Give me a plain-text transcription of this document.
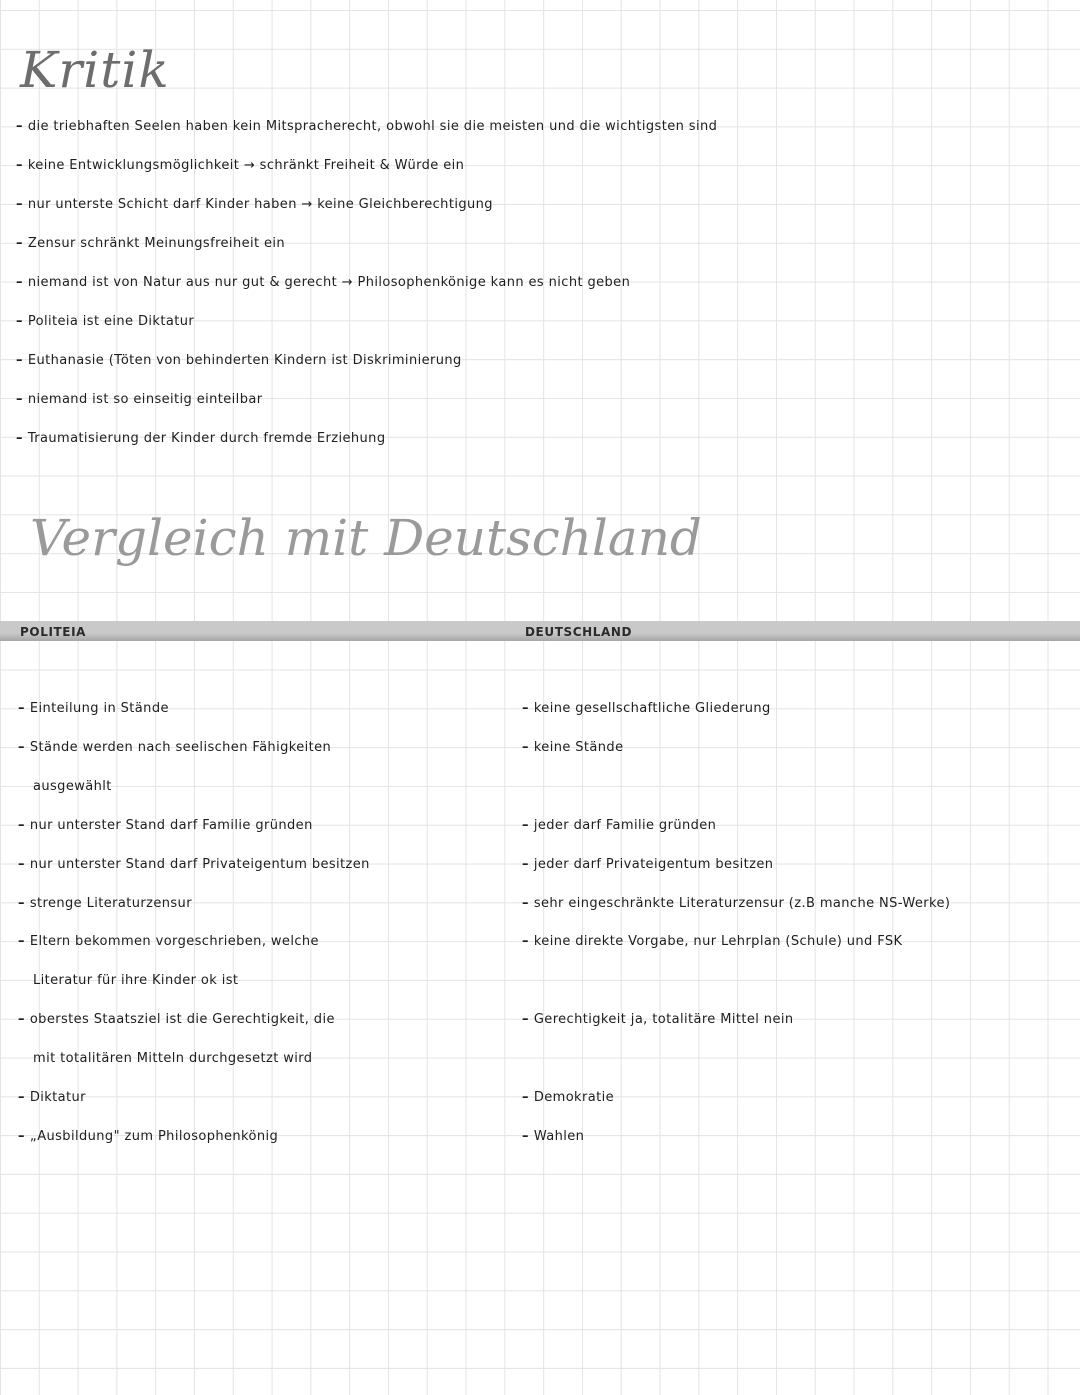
Kritik
– die triebhaften Seelen haben kein Mitspracherecht, obwohl sie die meisten und die wichtigsten sind
– keine Entwicklungsmöglichkeit → schränkt Freiheit & Würde ein
– nur unterste Schicht darf Kinder haben → keine Gleichberechtigung
– Zensur schränkt Meinungsfreiheit ein
– niemand ist von Natur aus nur gut & gerecht → Philosophenkönige kann es nicht geben
– Politeia ist eine Diktatur
– Euthanasie (Töten von behinderten Kindern ist Diskriminierung
– niemand ist so einseitig einteilbar
– Traumatisierung der Kinder durch fremde Erziehung
Vergleich mit Deutschland
POLITEIA	DEUTSCHLAND
– Einteilung in Stände
– Stände werden nach seelischen Fähigkeiten
ausgewählt
– nur unterster Stand darf Familie gründen
– nur unterster Stand darf Privateigentum besitzen
– strenge Literaturzensur
– Eltern bekommen vorgeschrieben, welche
Literatur für ihre Kinder ok ist
– oberstes Staatsziel ist die Gerechtigkeit, die
mit totalitären Mitteln durchgesetzt wird
– Diktatur
– „Ausbildung" zum Philosophenkönig
– keine gesellschaftliche Gliederung
– keine Stände
– jeder darf Familie gründen
– jeder darf Privateigentum besitzen
– sehr eingeschränkte Literaturzensur (z.B manche NS-Werke)
– keine direkte Vorgabe, nur Lehrplan (Schule) und FSK
– Gerechtigkeit ja, totalitäre Mittel nein
– Demokratie
– Wahlen
